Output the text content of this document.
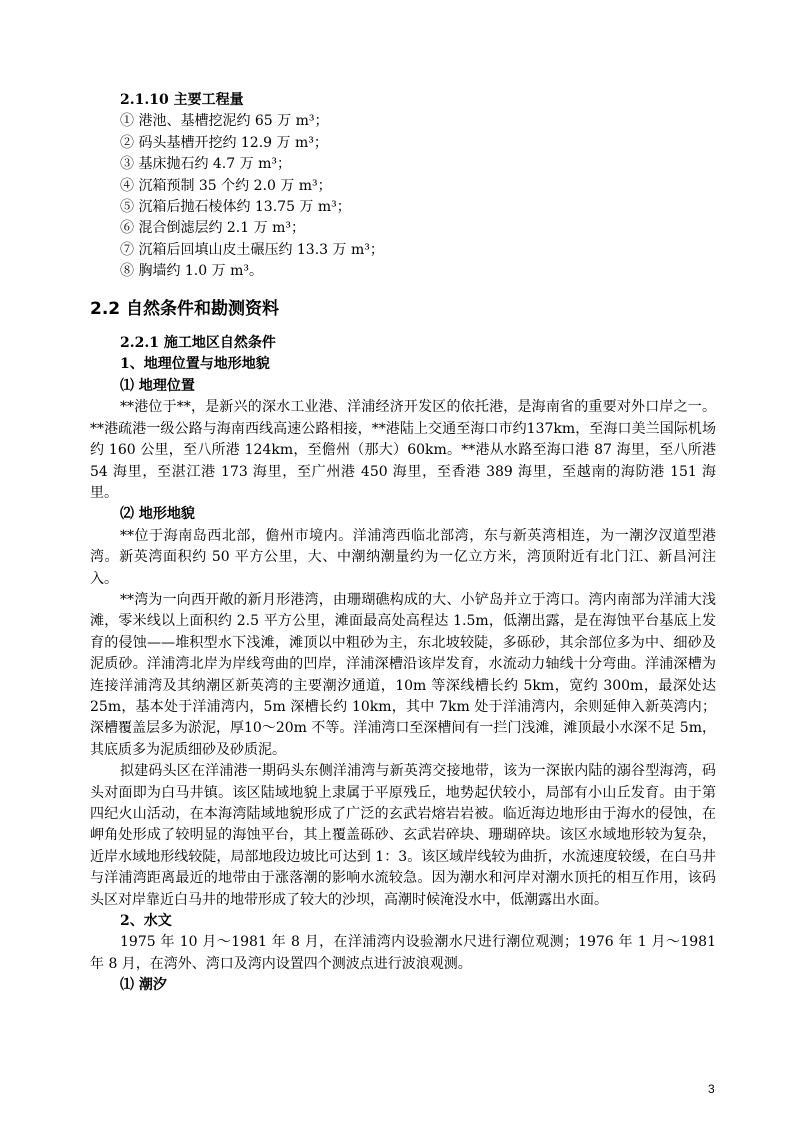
2.1.10 主要工程量

① 港池、基槽挖泥约 65 万 m³；

② 码头基槽开挖约 12.9 万 m³；

③ 基床抛石约 4.7 万 m³；

④ 沉箱预制 35 个约 2.0 万 m³；

⑤ 沉箱后抛石棱体约 13.75 万 m³；

⑥ 混合倒滤层约 2.1 万 m³；

⑦ 沉箱后回填山皮土碾压约 13.3 万 m³；

⑧ 胸墙约 1.0 万 m³。

2.2 自然条件和勘测资料

2.2.1 施工地区自然条件

1、地理位置与地形地貌

⑴ 地理位置

**港位于**，是新兴的深水工业港、洋浦经济开发区的依托港，是海南省的重要对外口岸之一。**港疏港一级公路与海南西线高速公路相接，**港陆上交通至海口市约137km，至海口美兰国际机场约 160 公里，至八所港 124km，至儋州（那大）60km。**港从水路至海口港 87 海里，至八所港 54 海里，至湛江港 173 海里，至广州港 450 海里，至香港 389 海里，至越南的海防港 151 海里。

⑵ 地形地貌

**位于海南岛西北部，儋州市境内。洋浦湾西临北部湾，东与新英湾相连，为一潮汐汊道型港湾。新英湾面积约 50 平方公里，大、中潮纳潮量约为一亿立方米，湾顶附近有北门江、新昌河注入。

**湾为一向西开敞的新月形港湾，由珊瑚礁构成的大、小铲岛并立于湾口。湾内南部为洋浦大浅滩，零米线以上面积约 2.5 平方公里，滩面最高处高程达 1.5m，低潮出露，是在海蚀平台基底上发育的侵蚀——堆积型水下浅滩，滩顶以中粗砂为主，东北坡较陡，多砾砂，其余部位多为中、细砂及泥质砂。洋浦湾北岸为岸线弯曲的凹岸，洋浦深槽沿该岸发育，水流动力轴线十分弯曲。洋浦深槽为连接洋浦湾及其纳潮区新英湾的主要潮汐通道，10m 等深线槽长约 5km，宽约 300m，最深处达 25m，基本处于洋浦湾内，5m 深槽长约 10km，其中 7km 处于洋浦湾内，余则延伸入新英湾内；深槽覆盖层多为淤泥，厚10～20m 不等。洋浦湾口至深槽间有一拦门浅滩，滩顶最小水深不足 5m，其底质多为泥质细砂及砂质泥。

拟建码头区在洋浦港一期码头东侧洋浦湾与新英湾交接地带，该为一深嵌内陆的溺谷型海湾，码头对面即为白马井镇。该区陆域地貌上隶属于平原残丘，地势起伏较小，局部有小山丘发育。由于第四纪火山活动，在本海湾陆域地貌形成了广泛的玄武岩熔岩岩被。临近海边地形由于海水的侵蚀，在岬角处形成了较明显的海蚀平台，其上覆盖砾砂、玄武岩碎块、珊瑚碎块。该区水域地形较为复杂，近岸水域地形线较陡，局部地段边坡比可达到 1：3。该区域岸线较为曲折，水流速度较缓，在白马井与洋浦湾距离最近的地带由于涨落潮的影响水流较急。因为潮水和河岸对潮水顶托的相互作用，该码头区对岸靠近白马井的地带形成了较大的沙坝，高潮时候淹没水中，低潮露出水面。

2、水文

1975 年 10 月～1981 年 8 月，在洋浦湾内设验潮水尺进行潮位观测；1976 年 1 月～1981 年 8 月，在湾外、湾口及湾内设置四个测波点进行波浪观测。

⑴ 潮汐

3
